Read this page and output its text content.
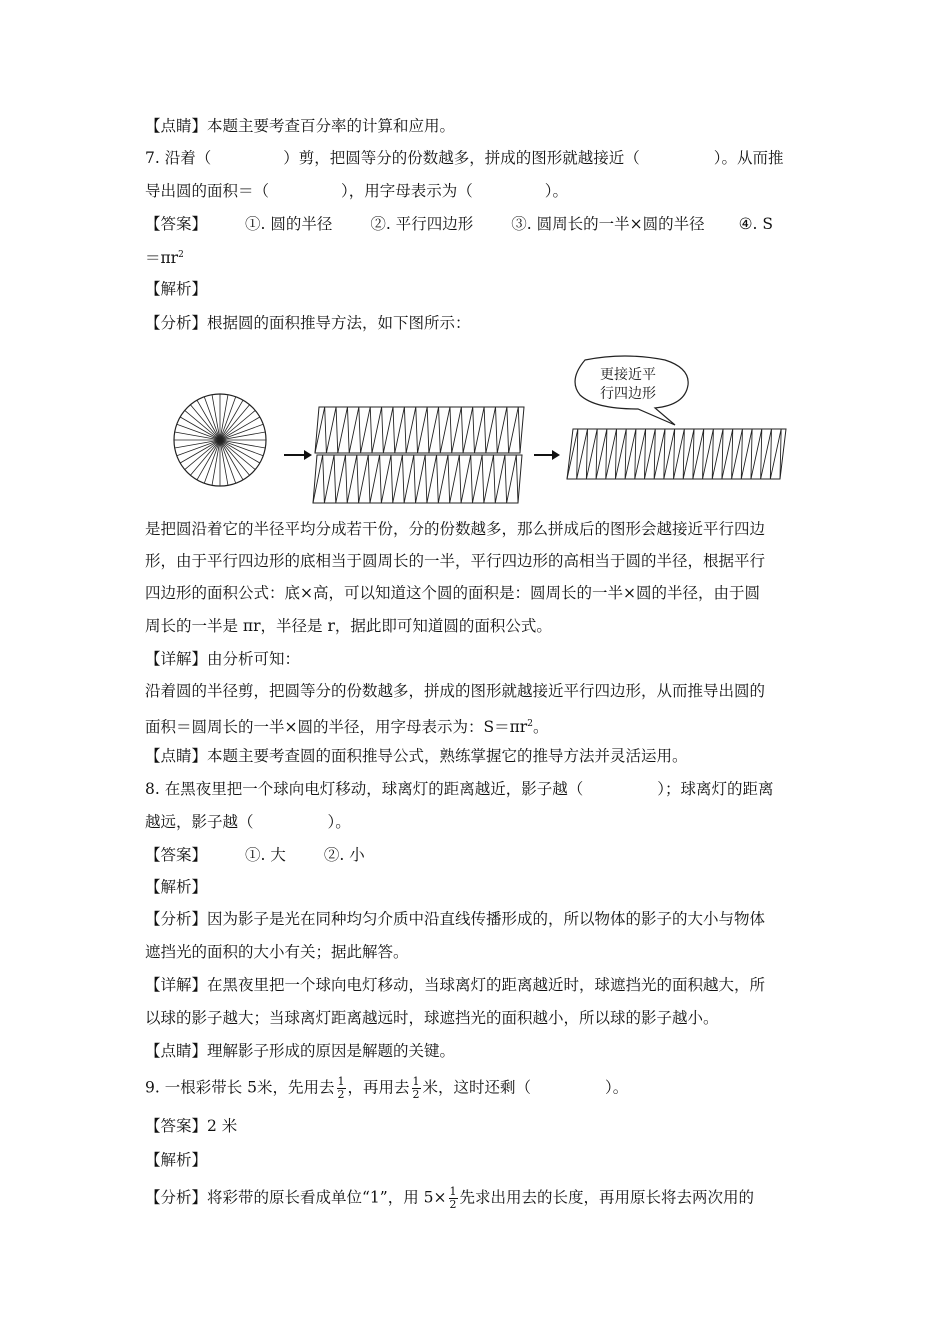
【点睛】本题主要考查百分率的计算和应用。
7. 沿着（	）剪，把圆等分的份数越多，拼成的图形就越接近（	）。从而推
导出圆的面积＝（	），用字母表示为（	）。
【答案】 ①. 圆的半径 ②. 平行四边形 ③. 圆周长的一半×圆的半径 ④. S
$=\pi r^2$
【解析】
【分析】根据圆的面积推导方法，如下图所示：
更接近平
行四边形
是把圆沿着它的半径平均分成若干份，分的份数越多，那么拼成后的图形会越接近平行四边
形，由于平行四边形的底相当于圆周长的一半，平行四边形的高相当于圆的半径，根据平行
四边形的面积公式：底×高，可以知道这个圆的面积是：圆周长的一半×圆的半径，由于圆
周长的一半是 πr，半径是 r，据此即可知道圆的面积公式。
【详解】由分析可知：
沿着圆的半径剪，把圆等分的份数越多，拼成的图形就越接近平行四边形，从而推导出圆的
面积＝圆周长的一半×圆的半径，用字母表示为：$S=\pi r^2$。
【点睛】本题主要考查圆的面积推导公式，熟练掌握它的推导方法并灵活运用。
8. 在黑夜里把一个球向电灯移动，球离灯的距离越近，影子越（	）；球离灯的距离
越远，影子越（	）。
【答案】 ①. 大 ②. 小
【解析】
【分析】因为影子是光在同种均匀介质中沿直线传播形成的，所以物体的影子的大小与物体
遮挡光的面积的大小有关；据此解答。
【详解】在黑夜里把一个球向电灯移动，当球离灯的距离越近时，球遮挡光的面积越大，所
以球的影子越大；当球离灯距离越远时，球遮挡光的面积越小，所以球的影子越小。
【点睛】理解影子形成的原因是解题的关键。
9. 一根彩带长 5米，先用去 $\frac{1}{2}$ ，再用去 $\frac{1}{2}$ 米，这时还剩（	）。
【答案】2 米
【解析】
【分析】将彩带的原长看成单位“1”，用 $5\times \frac{1}{2}$ 先求出用去的长度，再用原长将去两次用的
